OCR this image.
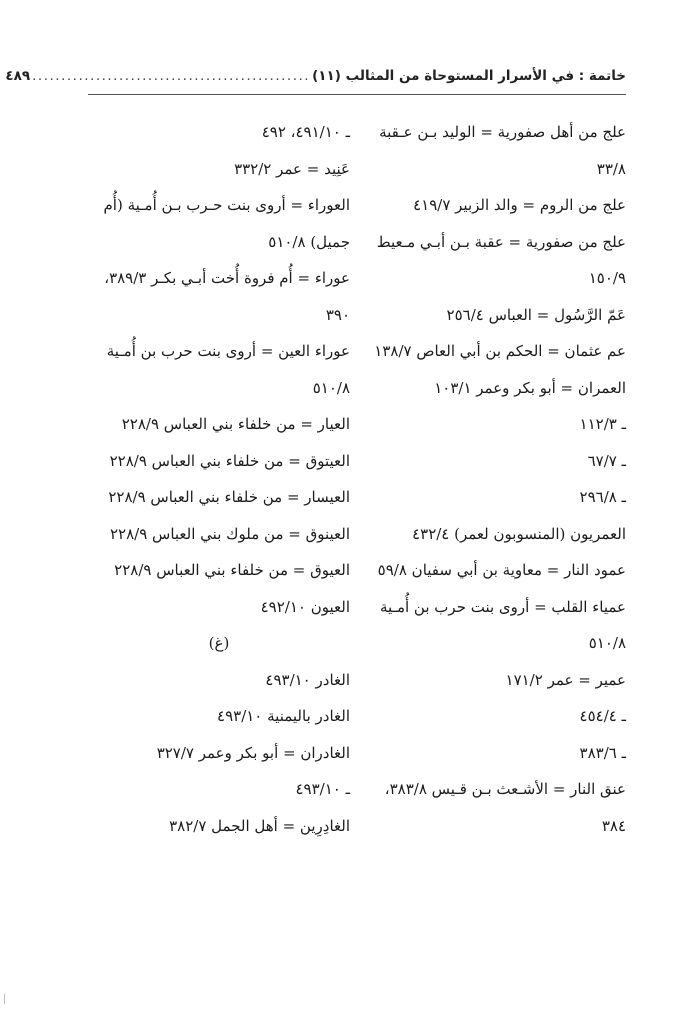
خاتمة : في الأسرار المستوحاة من المثالب (١١)
................................................
٤٨٩
علج من أهل صفورية = الوليد بـن عـقبة
٣٣/٨
علج من الروم = والد الزبير ٤١٩/٧
علج من صفورية = عقبة بـن أبـي مـعيط
١٥٠/٩
عَمّ الرَّسُول = العباس ٢٥٦/٤
عم عثمان = الحكم بن أبي العاص ١٣٨/٧
العمران = أبو بكر وعمر ١٠٣/١
ـ ١١٢/٣
ـ ٦٧/٧
ـ ٢٩٦/٨
العمريون (المنسوبون لعمر) ٤٣٢/٤
عمود النار = معاوية بن أبي سفيان ٥٩/٨
عمياء القلب = أروى بنت حرب بن أُمـية
٥١٠/٨
عمير = عمر ١٧١/٢
ـ ٤٥٤/٤
ـ ٣٨٣/٦
عنق النار = الأشـعث بـن قـيس ٣٨٣/٨،
٣٨٤
ـ ٤٩١/١٠، ٤٩٢
عَنِيد = عمر ٣٣٢/٢
العوراء = أروى بنت حـرب بـن أُمـية (أُم
جميل) ٥١٠/٨
عوراء = أُم فروة أُخت أبـي بكـر ٣٨٩/٣،
٣٩٠
عوراء العين = أروى بنت حرب بن أُمـية
٥١٠/٨
العيار = من خلفاء بني العباس ٢٢٨/٩
العيتوق = من خلفاء بني العباس ٢٢٨/٩
العيسار = من خلفاء بني العباس ٢٢٨/٩
العينوق = من ملوك بني العباس ٢٢٨/٩
العيوق = من خلفاء بني العباس ٢٢٨/٩
العيون ٤٩٢/١٠
(غ)
الغادر ٤٩٣/١٠
الغادر باليمنية ٤٩٣/١٠
الغادران = أبو بكر وعمر ٣٢٧/٧
ـ ٤٩٣/١٠
الغادِرِين = أهل الجمل ٣٨٢/٧
